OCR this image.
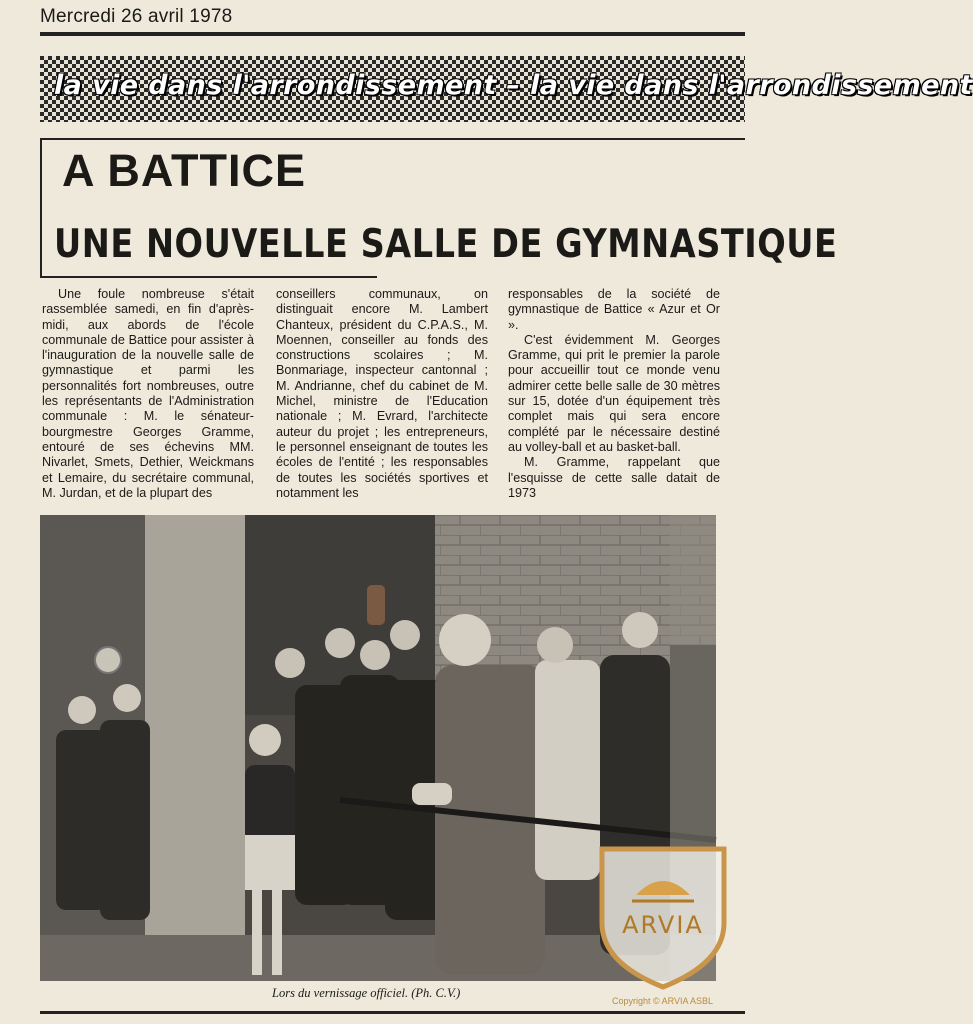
Mercredi 26 avril 1978
la vie dans l'arrondissement – la vie dans l'arrondissement
A BATTICE
UNE NOUVELLE SALLE DE GYMNASTIQUE

Une foule nombreuse s'était rassemblée samedi, en fin d'après-midi, aux abords de l'école communale de Battice pour assister à l'inauguration de la nouvelle salle de gymnastique et parmi les personnalités fort nombreuses, outre les représentants de l'Administration communale : M. le sénateur-bourgmestre Georges Gramme, entouré de ses échevins MM. Nivarlet, Smets, Dethier, Weickmans et Lemaire, du secrétaire communal, M. Jurdan, et de la plupart des

conseillers communaux, on distinguait encore M. Lambert Chanteux, président du C.P.A.S., M. Moennen, conseiller au fonds des constructions scolaires ; M. Bonmariage, inspecteur cantonnal ; M. Andrianne, chef du cabinet de M. Michel, ministre de l'Education nationale ; M. Evrard, l'architecte auteur du projet ; les entrepreneurs, le personnel enseignant de toutes les écoles de l'entité ; les responsables de toutes les sociétés sportives et notamment les

responsables de la société de gymnastique de Battice « Azur et Or ».

C'est évidemment M. Georges Gramme, qui prit le premier la parole pour accueillir tout ce monde venu admirer cette belle salle de 30 mètres sur 15, dotée d'un équipement très complet mais qui sera encore complété par le nécessaire destiné au volley-ball et au basket-ball.

M. Gramme, rappelant que l'esquisse de cette salle datait de 1973

Lors du vernissage officiel. (Ph. C.V.)
ARVIA
Copyright © ARVIA ASBL
